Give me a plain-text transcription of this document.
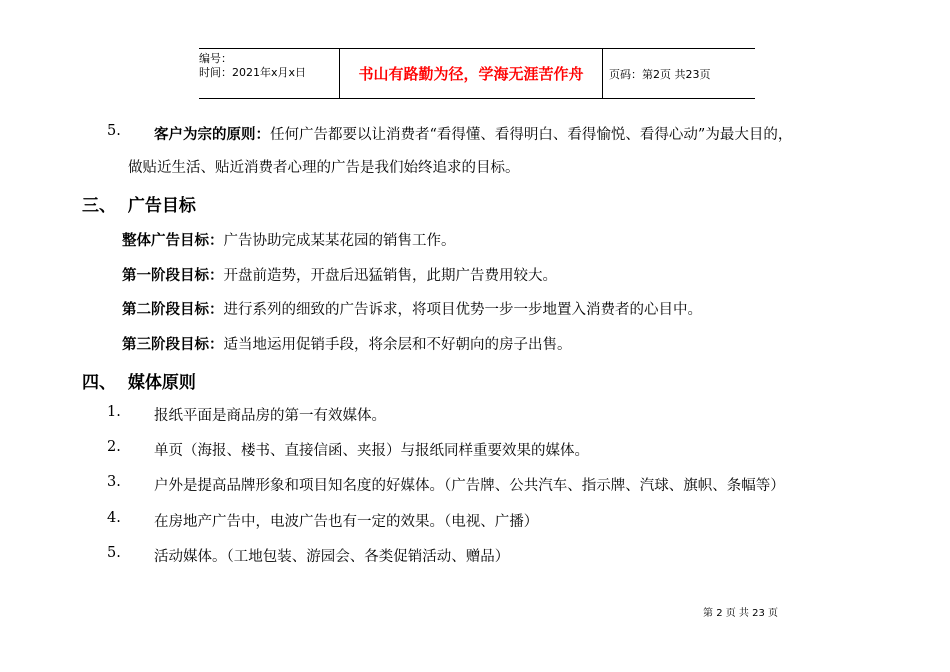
编号：
时间：2021年x月x日	书山有路勤为径，学海无涯苦作舟	页码：第2页 共23页
5. 客户为宗的原则：任何广告都要以让消费者“看得懂、看得明白、看得愉悦、看得心动”为最大目的，
做贴近生活、贴近消费者心理的广告是我们始终追求的目标。
三、 广告目标
整体广告目标：广告协助完成某某花园的销售工作。
第一阶段目标：开盘前造势，开盘后迅猛销售，此期广告费用较大。
第二阶段目标：进行系列的细致的广告诉求，将项目优势一步一步地置入消费者的心目中。
第三阶段目标：适当地运用促销手段，将余层和不好朝向的房子出售。
四、 媒体原则
1. 报纸平面是商品房的第一有效媒体。
2. 单页（海报、楼书、直接信函、夹报）与报纸同样重要效果的媒体。
3. 户外是提高品牌形象和项目知名度的好媒体。（广告牌、公共汽车、指示牌、汽球、旗帜、条幅等）
4. 在房地产广告中，电波广告也有一定的效果。（电视、广播）
5. 活动媒体。（工地包装、游园会、各类促销活动、赠品）
第 2 页 共 23 页
